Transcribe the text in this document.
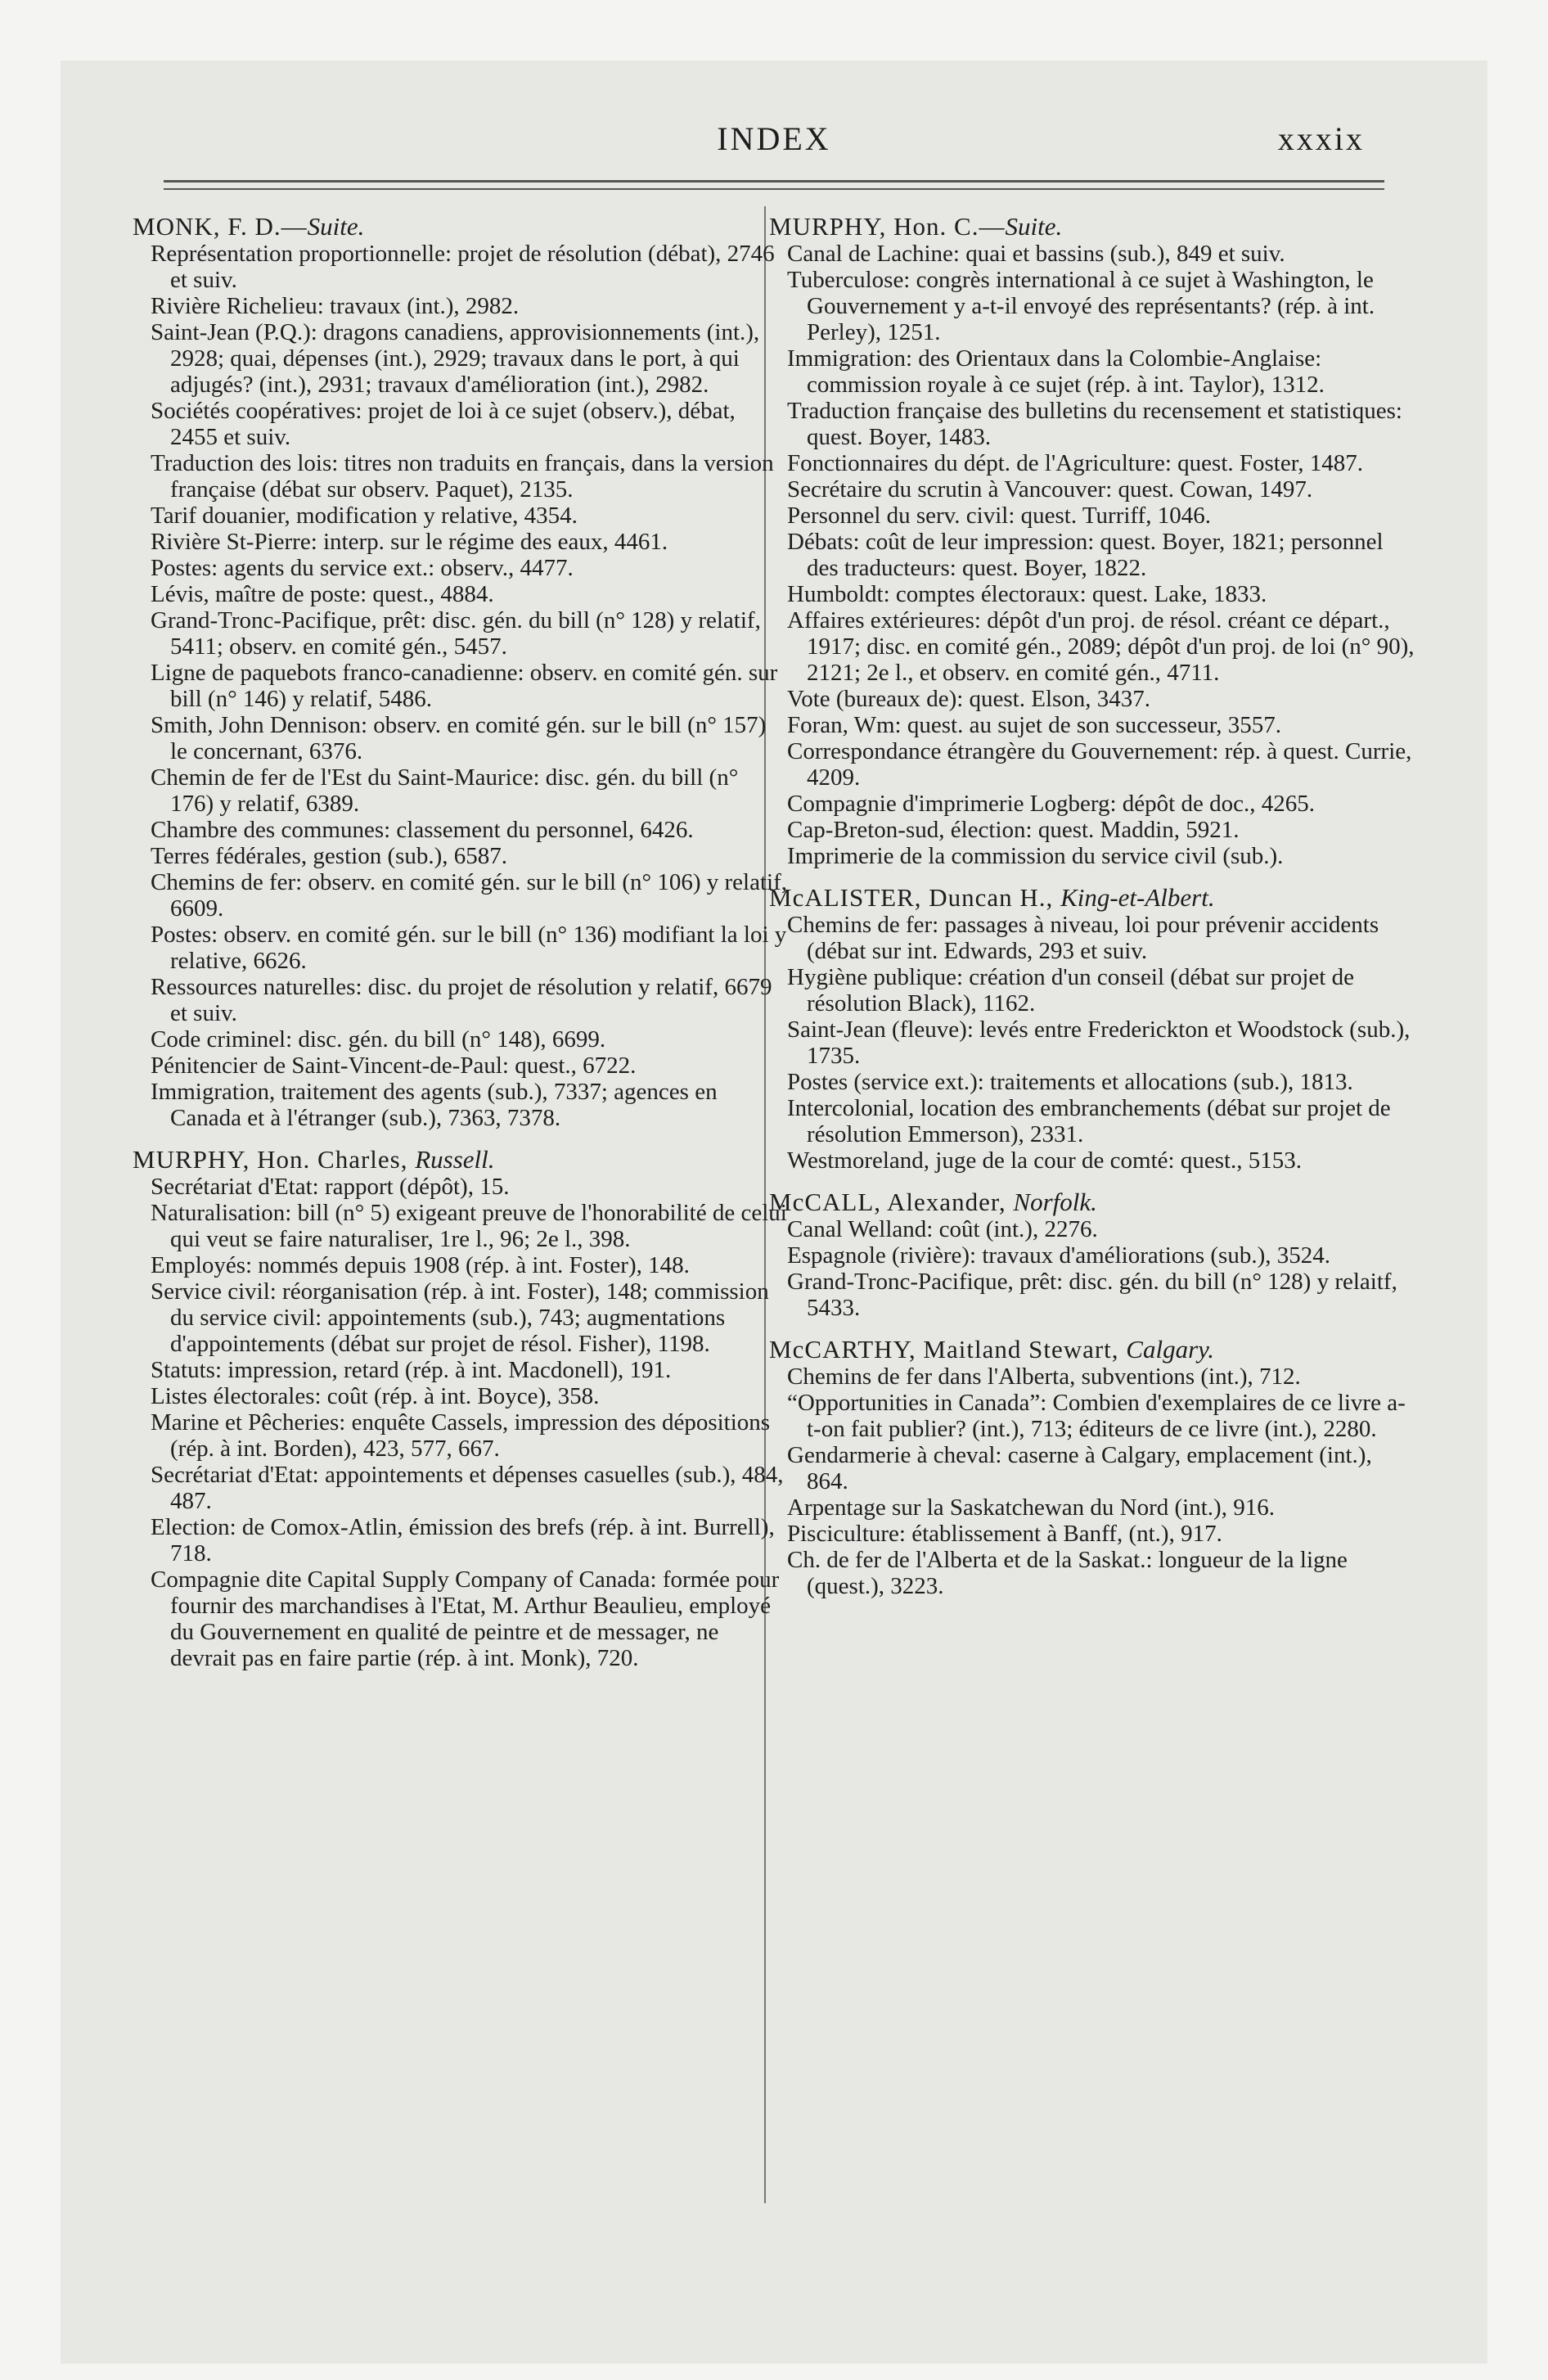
INDEX	xxxix

MONK, F. D.—Suite.

Représentation proportionnelle: projet de résolution (débat), 2746 et suiv.

Rivière Richelieu: travaux (int.), 2982.

Saint-Jean (P.Q.): dragons canadiens, approvisionnements (int.), 2928; quai, dépenses (int.), 2929; travaux dans le port, à qui adjugés? (int.), 2931; travaux d'amélioration (int.), 2982.

Sociétés coopératives: projet de loi à ce sujet (observ.), débat, 2455 et suiv.

Traduction des lois: titres non traduits en français, dans la version française (débat sur observ. Paquet), 2135.

Tarif douanier, modification y relative, 4354.

Rivière St-Pierre: interp. sur le régime des eaux, 4461.

Postes: agents du service ext.: observ., 4477.

Lévis, maître de poste: quest., 4884.

Grand-Tronc-Pacifique, prêt: disc. gén. du bill (n° 128) y relatif, 5411; observ. en comité gén., 5457.

Ligne de paquebots franco-canadienne: observ. en comité gén. sur bill (n° 146) y relatif, 5486.

Smith, John Dennison: observ. en comité gén. sur le bill (n° 157) le concernant, 6376.

Chemin de fer de l'Est du Saint-Maurice: disc. gén. du bill (n° 176) y relatif, 6389.

Chambre des communes: classement du personnel, 6426.

Terres fédérales, gestion (sub.), 6587.

Chemins de fer: observ. en comité gén. sur le bill (n° 106) y relatif, 6609.

Postes: observ. en comité gén. sur le bill (n° 136) modifiant la loi y relative, 6626.

Ressources naturelles: disc. du projet de résolution y relatif, 6679 et suiv.

Code criminel: disc. gén. du bill (n° 148), 6699.

Pénitencier de Saint-Vincent-de-Paul: quest., 6722.

Immigration, traitement des agents (sub.), 7337; agences en Canada et à l'étranger (sub.), 7363, 7378.

MURPHY, Hon. Charles, Russell.

Secrétariat d'Etat: rapport (dépôt), 15.

Naturalisation: bill (n° 5) exigeant preuve de l'honorabilité de celui qui veut se faire naturaliser, 1re l., 96; 2e l., 398.

Employés: nommés depuis 1908 (rép. à int. Foster), 148.

Service civil: réorganisation (rép. à int. Foster), 148; commission du service civil: appointements (sub.), 743; augmentations d'appointements (débat sur projet de résol. Fisher), 1198.

Statuts: impression, retard (rép. à int. Macdonell), 191.

Listes électorales: coût (rép. à int. Boyce), 358.

Marine et Pêcheries: enquête Cassels, impression des dépositions (rép. à int. Borden), 423, 577, 667.

Secrétariat d'Etat: appointements et dépenses casuelles (sub.), 484, 487.

Election: de Comox-Atlin, émission des brefs (rép. à int. Burrell), 718.

Compagnie dite Capital Supply Company of Canada: formée pour fournir des marchandises à l'Etat, M. Arthur Beaulieu, employé du Gouvernement en qualité de peintre et de messager, ne devrait pas en faire partie (rép. à int. Monk), 720.

MURPHY, Hon. C.—Suite.

Canal de Lachine: quai et bassins (sub.), 849 et suiv.

Tuberculose: congrès international à ce sujet à Washington, le Gouvernement y a-t-il envoyé des représentants? (rép. à int. Perley), 1251.

Immigration: des Orientaux dans la Colombie-Anglaise: commission royale à ce sujet (rép. à int. Taylor), 1312.

Traduction française des bulletins du recensement et statistiques: quest. Boyer, 1483.

Fonctionnaires du dépt. de l'Agriculture: quest. Foster, 1487.

Secrétaire du scrutin à Vancouver: quest. Cowan, 1497.

Personnel du serv. civil: quest. Turriff, 1046.

Débats: coût de leur impression: quest. Boyer, 1821; personnel des traducteurs: quest. Boyer, 1822.

Humboldt: comptes électoraux: quest. Lake, 1833.

Affaires extérieures: dépôt d'un proj. de résol. créant ce départ., 1917; disc. en comité gén., 2089; dépôt d'un proj. de loi (n° 90), 2121; 2e l., et observ. en comité gén., 4711.

Vote (bureaux de): quest. Elson, 3437.

Foran, Wm: quest. au sujet de son successeur, 3557.

Correspondance étrangère du Gouvernement: rép. à quest. Currie, 4209.

Compagnie d'imprimerie Logberg: dépôt de doc., 4265.

Cap-Breton-sud, élection: quest. Maddin, 5921.

Imprimerie de la commission du service civil (sub.).

McALISTER, Duncan H., King-et-Albert.

Chemins de fer: passages à niveau, loi pour prévenir accidents (débat sur int. Edwards, 293 et suiv.

Hygiène publique: création d'un conseil (débat sur projet de résolution Black), 1162.

Saint-Jean (fleuve): levés entre Frederickton et Woodstock (sub.), 1735.

Postes (service ext.): traitements et allocations (sub.), 1813.

Intercolonial, location des embranchements (débat sur projet de résolution Emmerson), 2331.

Westmoreland, juge de la cour de comté: quest., 5153.

McCALL, Alexander, Norfolk.

Canal Welland: coût (int.), 2276.

Espagnole (rivière): travaux d'améliorations (sub.), 3524.

Grand-Tronc-Pacifique, prêt: disc. gén. du bill (n° 128) y relaitf, 5433.

McCARTHY, Maitland Stewart, Calgary.

Chemins de fer dans l'Alberta, subventions (int.), 712.

“Opportunities in Canada”: Combien d'exemplaires de ce livre a-t-on fait publier? (int.), 713; éditeurs de ce livre (int.), 2280.

Gendarmerie à cheval: caserne à Calgary, emplacement (int.), 864.

Arpentage sur la Saskatchewan du Nord (int.), 916.

Pisciculture: établissement à Banff, (nt.), 917.

Ch. de fer de l'Alberta et de la Saskat.: longueur de la ligne (quest.), 3223.
